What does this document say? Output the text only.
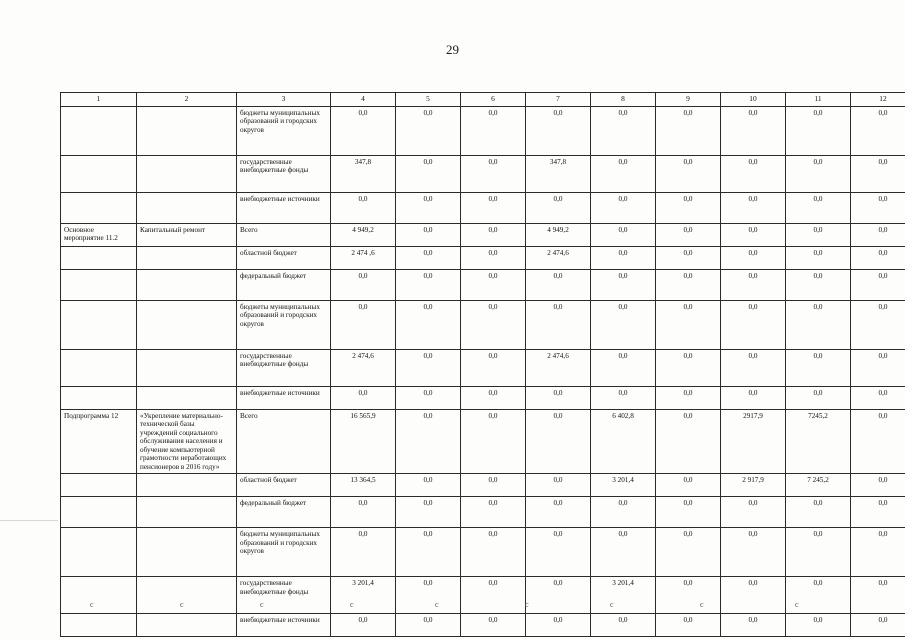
29
1	2	3	4	5	6	7	8	9	10	11	12
		бюджеты муниципальных образований и городских округов	0,0	0,0	0,0	0,0	0,0	0,0	0,0	0,0	0,0
		государственные внебюджетные фонды	347,8	0,0	0,0	347,8	0,0	0,0	0,0	0,0	0,0
		внебюджетные источники	0,0	0,0	0,0	0,0	0,0	0,0	0,0	0,0	0,0
Основное мероприятие 11.2	Капитальный ремонт	Всего	4 949,2	0,0	0,0	4 949,2	0,0	0,0	0,0	0,0	0,0
		областной бюджет	2 474 ,6	0,0	0,0	2 474,6	0,0	0,0	0,0	0,0	0,0
		федеральный бюджет	0,0	0,0	0,0	0,0	0,0	0,0	0,0	0,0	0,0
		бюджеты муниципальных образований и городских округов	0,0	0,0	0,0	0,0	0,0	0,0	0,0	0,0	0,0
		государственные внебюджетные фонды	2 474,6	0,0	0,0	2 474,6	0,0	0,0	0,0	0,0	0,0
		внебюджетные источники	0,0	0,0	0,0	0,0	0,0	0,0	0,0	0,0	0,0
Подпрограмма 12	«Укрепление материально-технической базы учреждений социального обслуживания населения и обучение компьютерной грамотности неработающих пенсионеров в 2016 году»	Всего	16 565,9	0,0	0,0	0,0	6 402,8	0,0	2917,9	7245,2	0,0
		областной бюджет	13 364,5	0,0	0,0	0,0	3 201,4	0,0	2 917,9	7 245,2	0,0
		федеральный бюджет	0,0	0,0	0,0	0,0	0,0	0,0	0,0	0,0	0,0
		бюджеты муниципальных образований и городских округов	0,0	0,0	0,0	0,0	0,0	0,0	0,0	0,0	0,0
		государственные внебюджетные фонды	3 201,4	0,0	0,0	0,0	3 201,4	0,0	0,0	0,0	0,0
		внебюджетные источники	0,0	0,0	0,0	0,0	0,0	0,0	0,0	0,0	0,0
с	с	с	с	с	с	с	с	с
